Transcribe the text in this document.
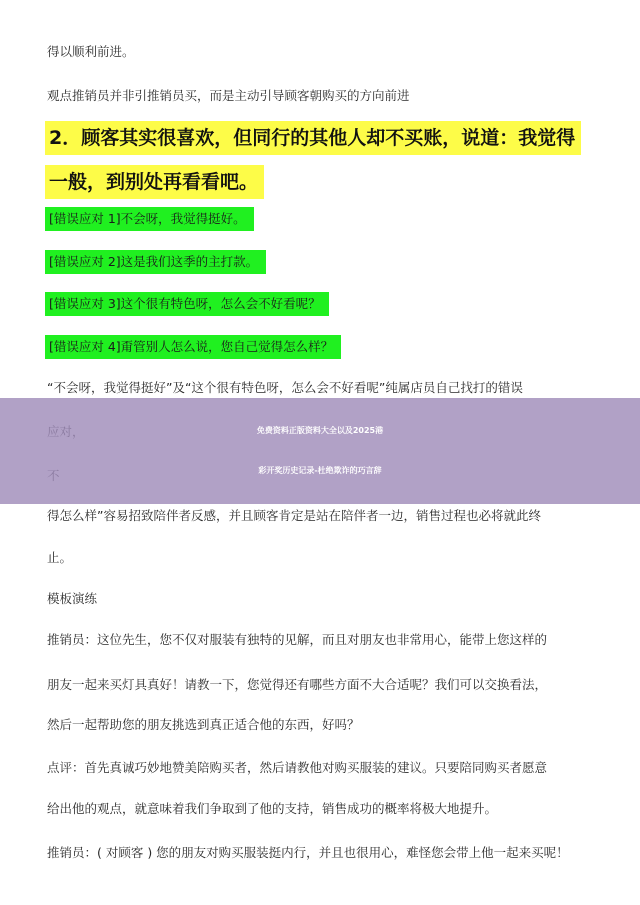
得以顺利前进。
观点推销员并非引推销员买，而是主动引导顾客朝购买的方向前进
2．顾客其实很喜欢，但同行的其他人却不买账，说道：我觉得
一般，到别处再看看吧。
[错误应对 1]不会呀，我觉得挺好。
[错误应对 2]这是我们这季的主打款。
[错误应对 3]这个很有特色呀，怎么会不好看呢？
[错误应对 4]甭管别人怎么说，您自己觉得怎么样？
“不会呀，我觉得挺好”及“这个很有特色呀，怎么会不好看呢”纯属店员自己找打的错误
得怎么样”容易招致陪伴者反感，并且顾客肯定是站在陪伴者一边，销售过程也必将就此终
止。
模板演练
推销员：这位先生，您不仅对服装有独特的见解，而且对朋友也非常用心，能带上您这样的
朋友一起来买灯具真好！请教一下，您觉得还有哪些方面不大合适呢？我们可以交换看法，
然后一起帮助您的朋友挑选到真正适合他的东西，好吗？
点评：首先真诚巧妙地赞美陪购买者，然后请教他对购买服装的建议。只要陪同购买者愿意
给出他的观点，就意味着我们争取到了他的支持，销售成功的概率将极大地提升。
推销员：( 对顾客 ) 您的朋友对购买服装挺内行，并且也很用心，难怪您会带上他一起来买呢！
免费资料正版资料大全以及2025港
彩开奖历史记录-杜绝欺诈的巧言辞
